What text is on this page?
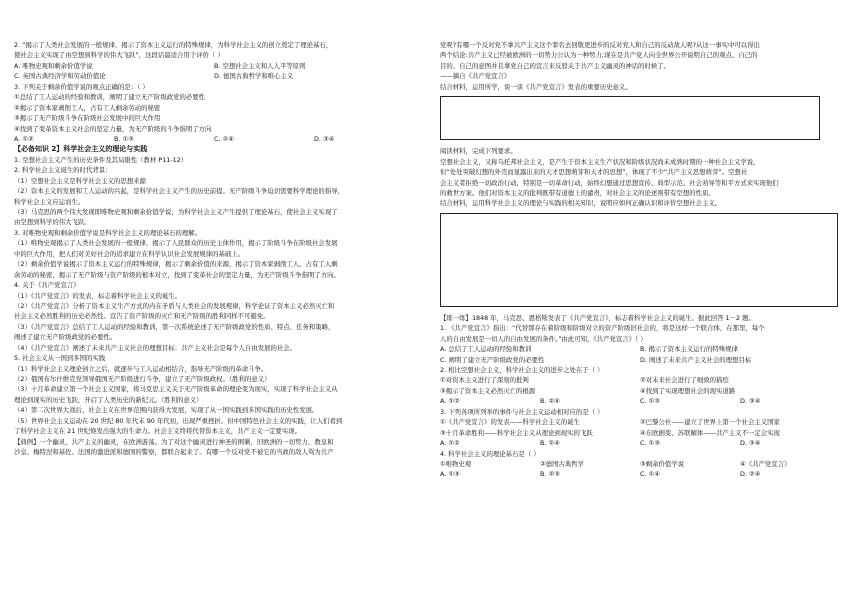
2. “揭示了人类社会发展的一般规律，揭示了资本主义运行的特殊规律，为科学社会主义的创立奠定了理论基石，
使社会主义实现了由空想到科学的伟大飞跃”，这段话最适合用于评价（ ）
A. 唯物史观和剩余价值学说	B. 空想社会主义和人人平等原则
C. 英国古典经济学和劳动价值论	D. 德国古典哲学和唯心主义
3. 下列关于剩余价值学说的观点正确的是：（ ）
①总结了工人运动的经验和教训，阐明了建立无产阶级政党的必要性
②揭示了资本家剥削工人，占有工人剩余劳动的秘密
③揭示了无产阶级斗争在阶级社会发展中的巨大作用
④找到了变革资本主义社会的坚定力量，为无产阶级的斗争指明了方向
A. ①②	B. ①③	C. ②④	D. ③④
【必备知识 2】科学社会主义的理论与实践
1. 空想社会主义产生的历史条件及其局限性（教材 P11-12）
2. 科学社会主义诞生的时代背景：
（1）空想社会主义是科学社会主义的思想来源
（2）资本主义的发展和工人运动的兴起，是科学社会主义产生的历史前提。无产阶级斗争迫切需要科学理论的指导，
科学社会主义应运而生。
（3）马克思的两个伟大发现即唯物史观和剩余价值学说，为科学社会主义产生提供了理论基石，使社会主义实现了
由空想到科学的伟大飞跃。
3. 对唯物史观和剩余价值学说是科学社会主义的理论基石的理解。
（1）唯物史观揭示了人类社会发展的一般规律，揭示了人民群众的历史主体作用，揭示了阶级斗争在阶级社会发展
中的巨大作用，把人们对美好社会的追求建立在科学认识社会发展规律的基础上。
（2）剩余价值学说揭示了资本主义运行的特殊规律，揭示了剩余价值的来源，揭示了资本家剥削工人、占有工人剩
余劳动的秘密，揭示了无产阶级与资产阶级的根本对立，找到了变革社会的坚定力量，为无产阶级斗争指明了方向。
4. 关于《共产党宣言》
（1）《共产党宣言》的发表，标志着科学社会主义的诞生。
（2）《共产党宣言》分析了资本主义生产方式的内在矛盾与人类社会的发展规律，科学论证了资本主义必然灭亡和
社会主义必然胜利的历史必然性。宣告了资产阶级的灭亡和无产阶级的胜利同样不可避免。
（3）《共产党宣言》总结了工人运动的经验和教训，第一次系统论述了无产阶级政党的性质、特点、任务和策略，
阐述了建立无产阶级政党的必要性。
（4）《共产党宣言》阐述了未来共产主义社会的理想目标：共产主义社会是每个人自由发展的社会。
5. 社会主义从一国到多国的实践
（1）科学社会主义理论创立之后，就逐步与工人运动相结合，指导无产阶级的革命斗争。
（2）俄国布尔什维克党领导俄国无产阶级进行斗争，建立了无产阶级政权。（胜利的意义）
（3）十月革命建立第一个社会主义国家，将马克思主义关于无产阶级革命的理论变为现实，实现了科学社会主义从
理论到现实的历史飞跃，开启了人类历史的新纪元。（胜利的意义）
（4）第二次世界大战后，社会主义在世界范围内获得大发展，实现了从一国实践到多国实践的历史性发展。
（5）世界社会主义运动在 20 世纪 80 年代末 90 年代初，出现严重挫折。但中国特色社会主义的实践，让人们看到
了科学社会主义在 21 世纪焕发出强大的生命力。社会主义终将代替资本主义，共产主义一定要实现。
【典例】一个幽灵，共产主义的幽灵，在欧洲游荡。为了对这个幽灵进行神圣的围剿，旧欧洲的一切势力，教皇和
沙皇、梅特涅和基佐、法国的激进派和德国的警察，都联合起来了。有哪一个反对党不被它的当政的敌人骂为共产
党呢?有哪一个反对党不拿共产主义这个罪名去回敬更进步的反对党人和自己的反动敌人呢?从这一事实中可以得出
两个结论:共产主义已经被欧洲的一切势力公认为一种势力;现在是共产党人向全世界公开说明自己的观点、自己的
目的、自己的意图并且拿党自己的宣言来反驳关于共产主义幽灵的神话的时候了。
——摘自《共产党宣言》
结合材料，运用所学，谈一谈《共产党宣言》发表的重要历史意义。
阅读材料，完成下列要求。
空想社会主义，又称乌托邦社会主义，是产生于资本主义生产状况和阶级状况尚未成熟时期的一种社会主义学说，
但“处处突破幻想的外壳而显露出来的天才思想萌芽和天才的思想”，体现了不少“共产主义思想萌芽”。空想社
会主义者拒绝一切政治行动，特别是一切革命行动，始终幻想通过思想宣传、典型示范、社会劝导等和平方式来实现他们
的救世方案。他们对资本主义的批判既带有道德上的谴责，对社会主义的论述则带有空想的性质。
结合材料，运用科学社会主义的理论与实践的相关知识，说明应如何正确认识和评价空想社会主义。
【练一练】1848 年，马克思、恩格斯发表了《共产党宣言》，标志着科学社会主义的诞生。据此回答 1－2 题。
1. 《共产党宣言》指出：“代替那存在着阶级和阶级对立的资产阶级旧社会的，将是这样一个联合体，在那里，每个
人的自由发展是一切人的自由发展的条件。”由此可知，《共产党宣言》（ ）
A. 总结了工人运动的经验和教训	B. 揭示了资本主义运行的特殊规律
C. 阐明了建立无产阶级政党的必要性	D. 阐述了未来共产主义社会的理想目标
2. 相比空想社会主义，科学社会主义的进步之处在于（ ）
①对资本主义进行了深刻的批判	②对未来社会进行了细致的描绘
③揭示了资本主义必然灭亡的根源	④找到了实现理想社会的现实道路
A. ①②	B. ②④	C. ①③	D. ③④
3. 下列各项所列举的事件与社会主义运动相对应的是（ ）
①《共产党宣言》的发表——科学社会主义的诞生	②巴黎公社——建立了世界上第一个社会主义国家
③十月革命胜利——科学社会主义从理论到现实的飞跃	④东欧剧变、苏联解体——共产主义不一定会实现
A. ①②	B. ②④	C. ①③	D. ③④
4. 科学社会主义的理论基石是（ ）
①唯物史观	②德国古典哲学	③剩余价值学说	④《共产党宣言》
A. ①③	B. ②③	C. ①④	D. ②④
